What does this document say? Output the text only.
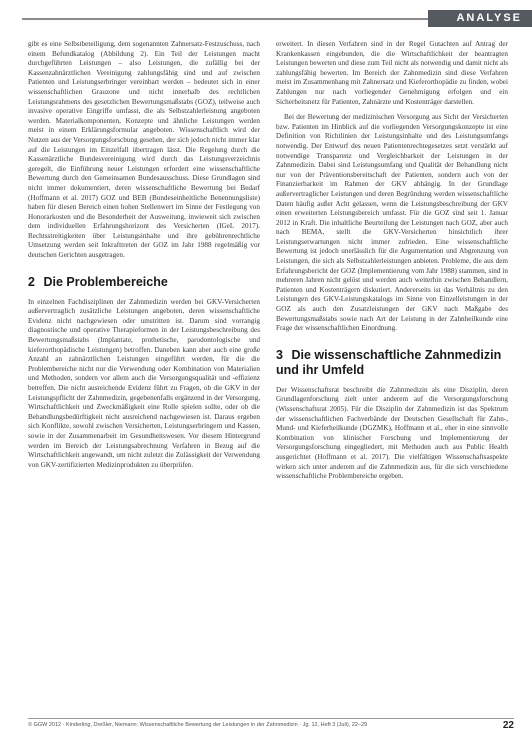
ANALYSE

gibt es eine Selbstbeteiligung, dem sogenannten Zahnersatz-Festzuschuss, nach einem Befundkatalog (Abbildung 2). Ein Teil der Leistungen macht durchgeführten Leistungen – also Leistungen, die zufällig bei der Kassenzahnärztlichen Vereinigung zahlungsfähig sind und auf zwischen Patienten und Leistungserbringer vereinbart werden – bedeutet sich in einer wissenschaftlichen Grauzone und nicht innerhalb des rechtlichen Leistungsrahmens des gesetzlichen Bewertungsmaßstabs (GOZ), teilweise auch invasive operative Eingriffe umfasst, die als Selbstzahlerleistung angeboten werden. Materialkomponenten, Konzepte und ähnliche Leistungen werden meist in einem Erklärungsformular angeboten. Wissenschaftlich wird der Nutzen aus der Versorgungsforschung gesehen, der sich jedoch nicht immer klar auf die Leistungen im Einzelfall übertragen lässt. Die Regelung durch die Kassenärztliche Bundesvereinigung wird durch das Leistungsverzeichnis geregelt, die Einführung neuer Leistungen erfordert eine wissenschaftliche Bewertung durch den Gemeinsamen Bundesausschuss. Diese Grundlagen sind nicht immer dokumentiert, deren wissenschaftliche Bewertung bei Bedarf (Hoffmann et al. 2017) GOZ und BEB (Bundeseinheitliche Benennungsliste) haben für diesen Bereich einen hohen Stellenwert im Sinne der Festlegung von Honorarkosten und die Besonderheit der Ausweitung, inwieweit sich zwischen dem individuellen Erfahrungshorizont des Versicherten (IGeL 2017). Rechtsstreitigkeiten über Leistungsinhalte und ihre gebührenrechtliche Umsetzung werden seit Inkrafttreten der GOZ im Jahr 1988 regelmäßig vor deutschen Gerichten ausgetragen.

2 Die Problembereiche

In einzelnen Fachdisziplinen der Zahnmedizin werden bei GKV-Versicherten außervertraglich zusätzliche Leistungen angeboten, deren wissenschaftliche Evidenz nicht nachgewiesen oder umstritten ist. Darum sind vorrangig diagnostische und operative Therapieformen in der Leistungsbeschreibung des Bewertungsmaßstabs (Implantate, prothetische, parodontologische und kieferorthopädische Leistungen) betroffen. Daneben kann aber auch eine große Anzahl an zahnärztlichen Leistungen eingeführt werden, für die die Problembereiche nicht nur die Verwendung oder Kombination von Materialien und Methoden, sondern vor allem auch die Versorgungsqualität und -effizienz betreffen. Die nicht ausreichende Evidenz führt zu Fragen, ob die GKV in der Leistungspflicht der Zahnmedizin, gegebenenfalls ergänzend in der Versorgung, Wirtschaftlichkeit und Zweckmäßigkeit eine Rolle spielen sollte, oder ob die Behandlungsbedürftigkeit nicht ausreichend nachgewiesen ist. Daraus ergeben sich Konflikte, sowohl zwischen Versicherten, Leistungserbringern und Kassen, sowie in der Zusammenarbeit im Gesundheitswesen. Vor diesem Hintergrund werden im Bereich der Leistungsabrechnung Verfahren in Bezug auf die Wirtschaftlichkeit angewandt, um nicht zuletzt die Zulässigkeit der Verwendung von GKV-zertifizierten Medizinprodukten zu überprüfen.

erweitert. In diesen Verfahren sind in der Regel Gutachten auf Antrag der Krankenkassen eingebunden, die die Wirtschaftlichkeit der beantragten Leistungen bewerten und diese zum Teil nicht als notwendig und damit nicht als zahlungsfähig bewerten. Im Bereich der Zahnmedizin sind diese Verfahren meist im Zusammenhang mit Zahnersatz und Kieferorthopädie zu finden, wobei Zahlungen nur nach vorliegender Genehmigung erfolgen und ein Sicherheitsnetz für Patienten, Zahnärzte und Kostenträger darstellen.

Bei der Bewertung der medizinischen Versorgung aus Sicht der Versicherten bzw. Patienten im Hinblick auf die vorliegenden Versorgungskonzepte ist eine Definition von Richtlinien der Leistungsinhalte und des Leistungsumfangs notwendig. Der Entwurf des neuen Patientenrechtegesetzes setzt verstärkt auf notwendige Transparenz und Vergleichbarkeit der Leistungen in der Zahnmedizin. Dabei sind Leistungsumfang und Qualität der Behandlung nicht nur von der Präventionsbereitschaft der Patienten, sondern auch von der Finanzierbarkeit im Rahmen der GKV abhängig. In der Grundlage außervertraglicher Leistungen und deren Begründung werden wissenschaftliche Daten häufig außer Acht gelassen, wenn die Leistungsbeschreibung der GKV einen erweiterten Leistungsbereich umfasst. Für die GOZ sind seit 1. Januar 2012 in Kraft. Die inhaltliche Beurteilung der Leistungen nach GOZ, aber auch nach BEMA, stellt die GKV-Versicherten hinsichtlich ihrer Leistungserwartungen nicht immer zufrieden. Eine wissenschaftliche Bewertung ist jedoch unerlässlich für die Argumentation und Abgrenzung von Leistungen, die sich als Selbstzahlerleistungen anbieten. Probleme, die aus dem Erfahrungsbericht der GOZ (Implementierung vom Jahr 1988) stammen, sind in mehreren Jahren nicht gelöst und werden auch weiterhin zwischen Behandlern, Patienten und Kostenträgern diskutiert. Andererseits ist das Verhältnis zu den Leistungen des GKV-Leistungskatalogs im Sinne von Einzelleistungen in der GOZ als auch den Zusatzleistungen der GKV nach Maßgabe des Bewertungsmaßstabs sowie nach Art der Leistung in der Zahnheilkunde eine Frage der wissenschaftlichen Einordnung.

3 Die wissenschaftliche Zahnmedizin und ihr Umfeld

Der Wissenschaftsrat beschreibt die Zahnmedizin als eine Disziplin, deren Grundlagenforschung zielt unter anderem auf die Versorgungsforschung (Wissenschaftsrat 2005). Für die Disziplin der Zahnmedizin ist das Spektrum der wissenschaftlichen Fachverbände der Deutschen Gesellschaft für Zahn-, Mund- und Kieferheilkunde (DGZMK), Hoffmann et al., eher in eine sinnvolle Kombination von klinischer Forschung und Implementierung der Versorgungsforschung eingegliedert, mit Methoden auch aus Public Health ausgerichtet (Hoffmann et al. 2017). Die vielfältigen Wissenschaftsaspekte wirken sich unter anderem auf die Zahnmedizin aus, für die sich verschiedene wissenschaftliche Problembereiche ergeben.

© GGW 2012 · Kinderling, Dreßler, Niemann: Wissenschaftliche Bewertung der Leistungen in der Zahnmedizin · Jg. 12, Heft 3 (Juli), 22–29	22
